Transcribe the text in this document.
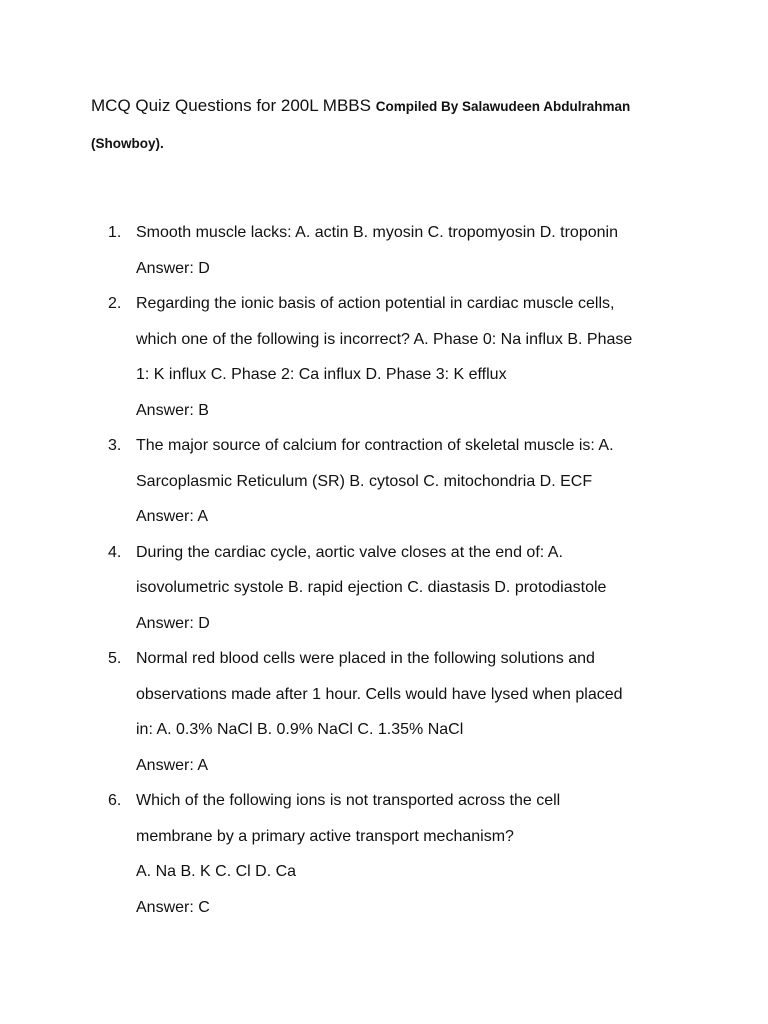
MCQ Quiz Questions for 200L MBBS Compiled By Salawudeen Abdulrahman
(Showboy).
1. Smooth muscle lacks: A. actin B. myosin C. tropomyosin D. troponin
Answer: D
2. Regarding the ionic basis of action potential in cardiac muscle cells,
which one of the following is incorrect? A. Phase 0: Na influx B. Phase
1: K influx C. Phase 2: Ca influx D. Phase 3: K efflux
Answer: B
3. The major source of calcium for contraction of skeletal muscle is: A.
Sarcoplasmic Reticulum (SR) B. cytosol C. mitochondria D. ECF
Answer: A
4. During the cardiac cycle, aortic valve closes at the end of: A.
isovolumetric systole B. rapid ejection C. diastasis D. protodiastole
Answer: D
5. Normal red blood cells were placed in the following solutions and
observations made after 1 hour. Cells would have lysed when placed
in: A. 0.3% NaCl B. 0.9% NaCl C. 1.35% NaCl
Answer: A
6. Which of the following ions is not transported across the cell
membrane by a primary active transport mechanism?
A. Na B. K C. Cl D. Ca
Answer: C
